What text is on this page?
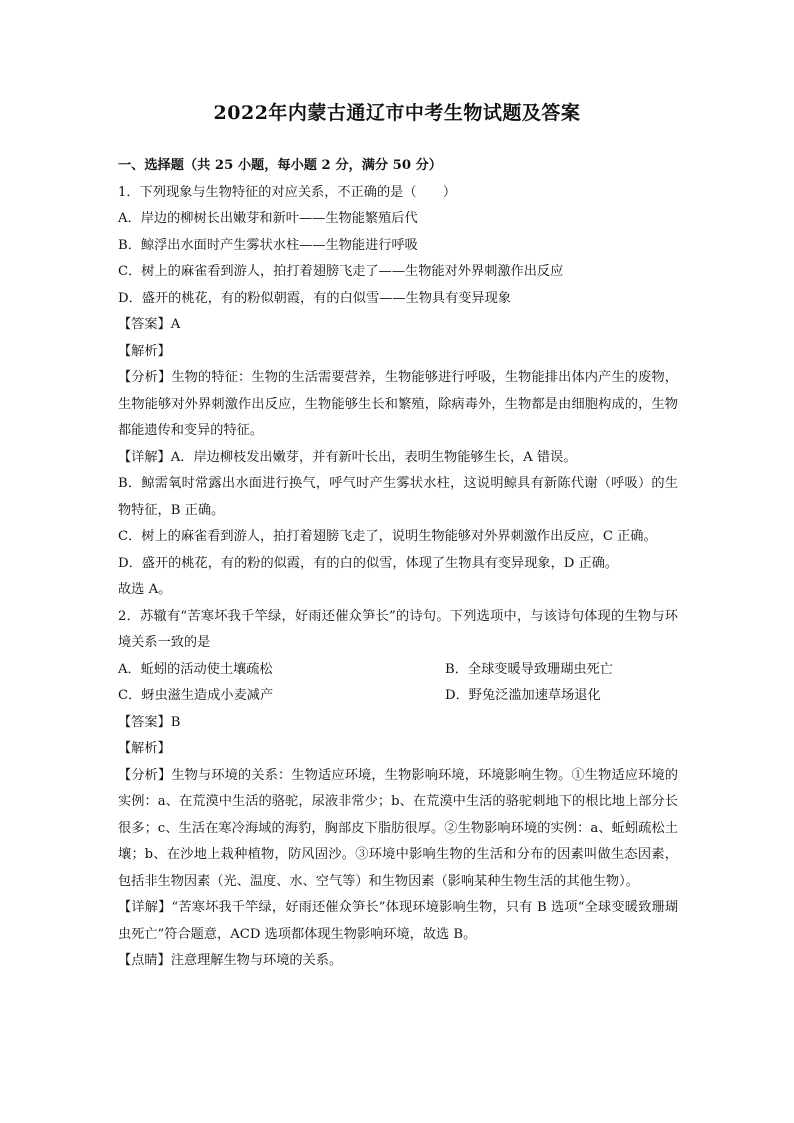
2022年内蒙古通辽市中考生物试题及答案

一、选择题（共 25 小题，每小题 2 分，满分 50 分）

1．下列现象与生物特征的对应关系，不正确的是（　　）

A．岸边的柳树长出嫩芽和新叶——生物能繁殖后代

B．鲸浮出水面时产生雾状水柱——生物能进行呼吸

C．树上的麻雀看到游人，拍打着翅膀飞走了——生物能对外界刺激作出反应

D．盛开的桃花，有的粉似朝霞，有的白似雪——生物具有变异现象

【答案】A

【解析】

【分析】生物的特征：生物的生活需要营养，生物能够进行呼吸，生物能排出体内产生的废物，生物能够对外界刺激作出反应，生物能够生长和繁殖，除病毒外，生物都是由细胞构成的，生物都能遗传和变异的特征。

【详解】A．岸边柳枝发出嫩芽，并有新叶长出，表明生物能够生长，A 错误。

B．鲸需氧时常露出水面进行换气，呼气时产生雾状水柱，这说明鲸具有新陈代谢（呼吸）的生物特征，B 正确。

C．树上的麻雀看到游人，拍打着翅膀飞走了，说明生物能够对外界刺激作出反应，C 正确。

D．盛开的桃花，有的粉的似霞，有的白的似雪，体现了生物具有变异现象，D 正确。

故选 A。

2．苏辙有“苦寒坏我千竿绿，好雨还催众笋长”的诗句。下列选项中，与该诗句体现的生物与环境关系一致的是

A．蚯蚓的活动使土壤疏松	B．全球变暖导致珊瑚虫死亡
C．蚜虫滋生造成小麦减产	D．野兔泛滥加速草场退化

【答案】B

【解析】

【分析】生物与环境的关系：生物适应环境，生物影响环境，环境影响生物。①生物适应环境的实例：a、在荒漠中生活的骆驼，尿液非常少；b、在荒漠中生活的骆驼刺地下的根比地上部分长很多；c、生活在寒冷海域的海豹，胸部皮下脂肪很厚。②生物影响环境的实例：a、蚯蚓疏松土壤；b、在沙地上栽种植物，防风固沙。③环境中影响生物的生活和分布的因素叫做生态因素，包括非生物因素（光、温度、水、空气等）和生物因素（影响某种生物生活的其他生物）。

【详解】“苦寒坏我千竿绿，好雨还催众笋长”体现环境影响生物，只有 B 选项“全球变暖致珊瑚虫死亡”符合题意，ACD 选项都体现生物影响环境，故选 B。

【点睛】注意理解生物与环境的关系。
